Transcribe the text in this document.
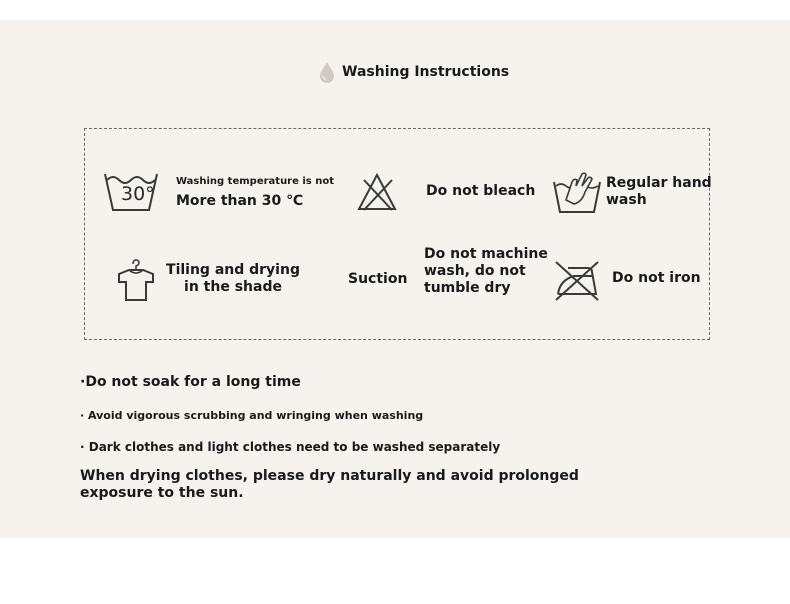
Washing Instructions
30°
Washing temperature is not
More than 30 ℃
Do not bleach	Regular hand wash
Tiling and drying in the shade	Suction
Do not machine wash, do not tumble dry
Do not iron
·Do not soak for a long time
· Avoid vigorous scrubbing and wringing when washing
· Dark clothes and light clothes need to be washed separately
When drying clothes, please dry naturally and avoid prolonged exposure to the sun.
